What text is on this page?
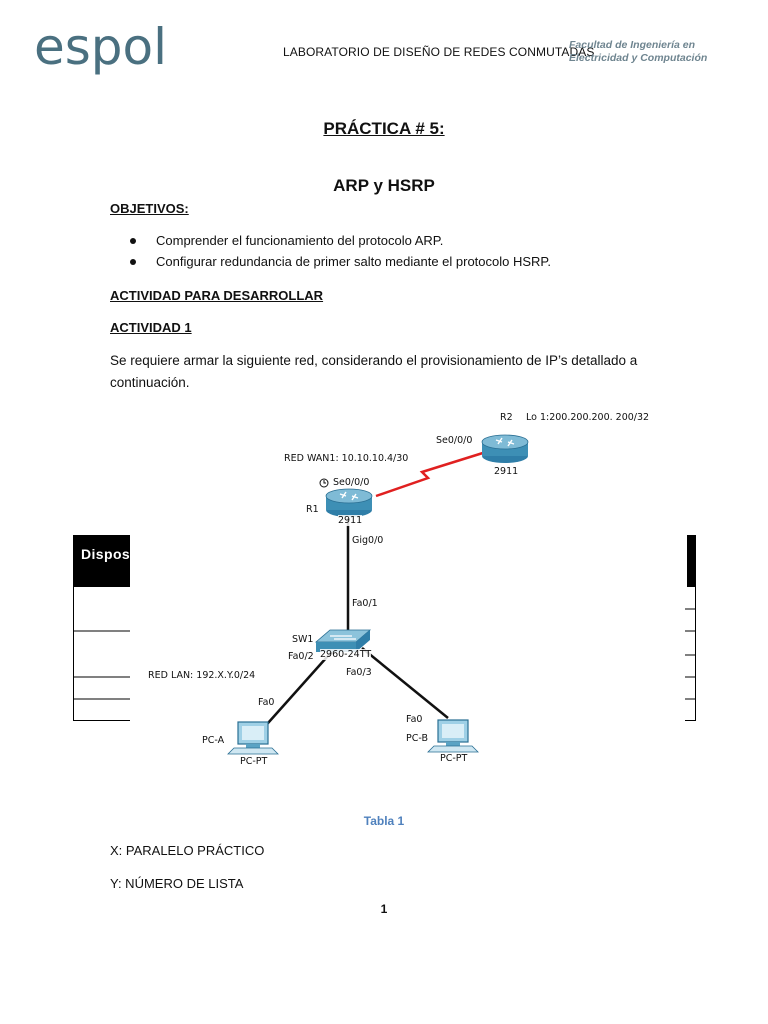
espol	LABORATORIO DE DISEÑO DE REDES CONMUTADAS
Facultad de Ingeniería en
Electricidad y Computación
PRÁCTICA # 5:
ARP y HSRP
OBJETIVOS:
Comprender el funcionamiento del protocolo ARP.
Configurar redundancia de primer salto mediante el protocolo HSRP.
ACTIVIDAD PARA DESARROLLAR
ACTIVIDAD 1
Se requiere armar la siguiente red, considerando el provisionamiento de IP’s detallado a continuación.
Dispos
R2 Lo 1:200.200.200. 200/32
Se0/0/0
2911
RED WAN1: 10.10.10.4/30
Se0/0/0
R1
2911
Gig0/0
Fa0/1
SW1
2960-24TT
Fa0/2
Fa0/3
RED LAN: 192.X.Y.0/24
Fa0
Fa0
PC-A
PC-PT
PC-B
PC-PT
Tabla 1
X: PARALELO PRÁCTICO
Y: NÚMERO DE LISTA
1
